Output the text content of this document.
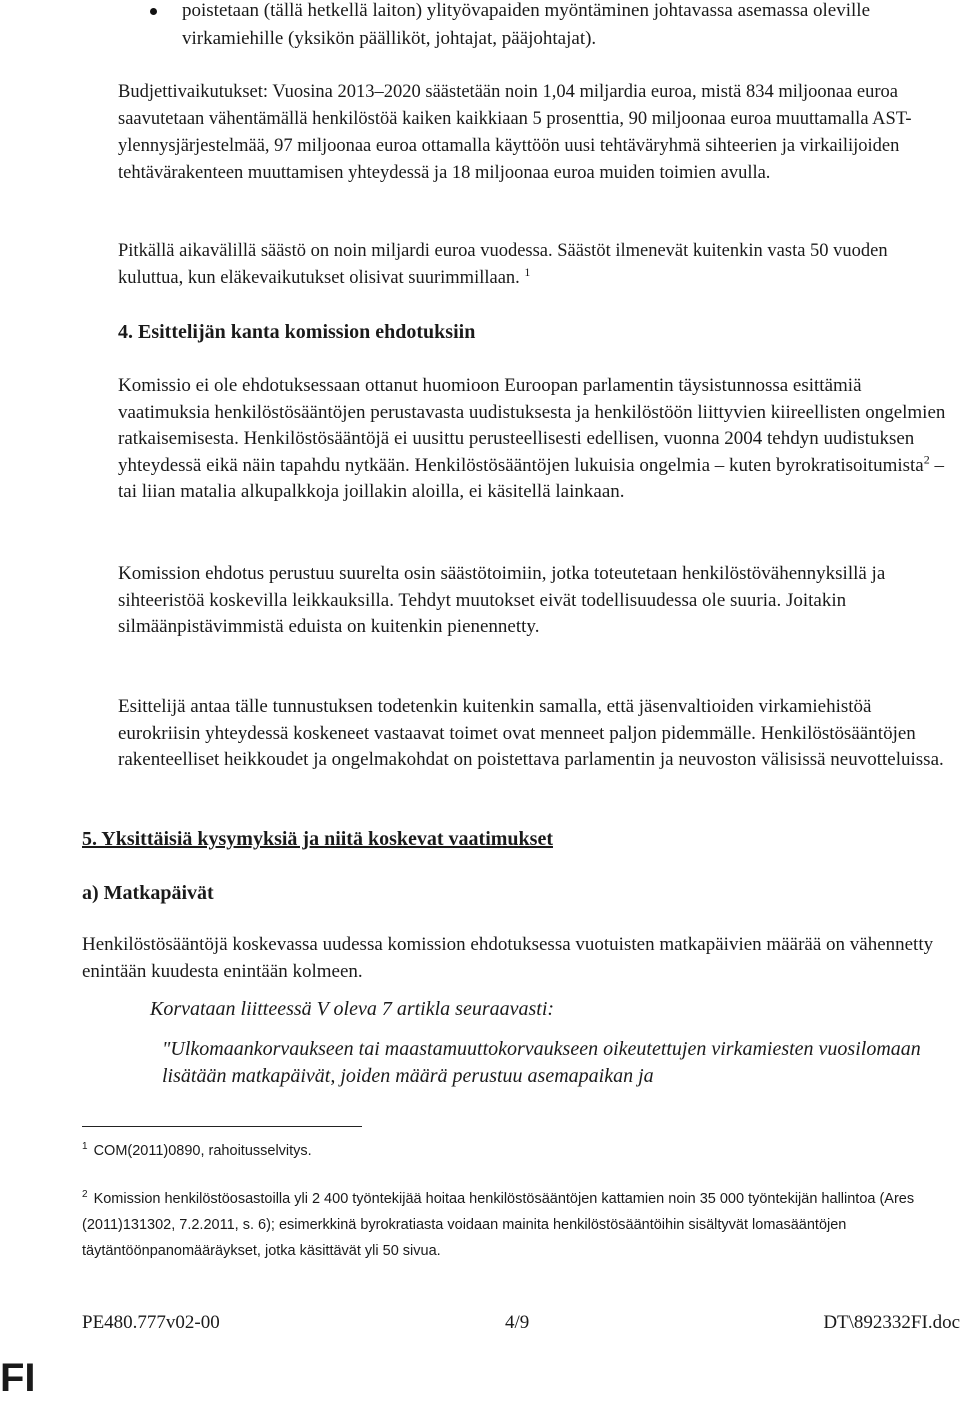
poistetaan (tällä hetkellä laiton) ylityövapaiden myöntäminen johtavassa asemassa oleville virkamiehille (yksikön päälliköt, johtajat, pääjohtajat).

Budjettivaikutukset: Vuosina 2013–2020 säästetään noin 1,04 miljardia euroa, mistä 834 miljoonaa euroa saavutetaan vähentämällä henkilöstöä kaiken kaikkiaan 5 prosenttia, 90 miljoonaa euroa muuttamalla AST-ylennysjärjestelmää, 97 miljoonaa euroa ottamalla käyttöön uusi tehtäväryhmä sihteerien ja virkailijoiden tehtävärakenteen muuttamisen yhteydessä ja 18 miljoonaa euroa muiden toimien avulla.

Pitkällä aikavälillä säästö on noin miljardi euroa vuodessa. Säästöt ilmenevät kuitenkin vasta 50 vuoden kuluttua, kun eläkevaikutukset olisivat suurimmillaan. $^1$

4. Esittelijän kanta komission ehdotuksiin

Komissio ei ole ehdotuksessaan ottanut huomioon Euroopan parlamentin täysistunnossa esittämiä vaatimuksia henkilöstösääntöjen perustavasta uudistuksesta ja henkilöstöön liittyvien kiireellisten ongelmien ratkaisemisesta. Henkilöstösääntöjä ei uusittu perusteellisesti edellisen, vuonna 2004 tehdyn uudistuksen yhteydessä eikä näin tapahdu nytkään. Henkilöstösääntöjen lukuisia ongelmia – kuten byrokratisoitumista$^2$ – tai liian matalia alkupalkkoja joillakin aloilla, ei käsitellä lainkaan.

Komission ehdotus perustuu suurelta osin säästötoimiin, jotka toteutetaan henkilöstövähennyksillä ja sihteeristöä koskevilla leikkauksilla. Tehdyt muutokset eivät todellisuudessa ole suuria. Joitakin silmäänpistävimmistä eduista on kuitenkin pienennetty.

Esittelijä antaa tälle tunnustuksen todetenkin kuitenkin samalla, että jäsenvaltioiden virkamiehistöä eurokriisin yhteydessä koskeneet vastaavat toimet ovat menneet paljon pidemmälle. Henkilöstösääntöjen rakenteelliset heikkoudet ja ongelmakohdat on poistettava parlamentin ja neuvoston välisissä neuvotteluissa.

5. Yksittäisiä kysymyksiä ja niitä koskevat vaatimukset
a) Matkapäivät

Henkilöstösääntöjä koskevassa uudessa komission ehdotuksessa vuotuisten matkapäivien määrää on vähennetty enintään kuudesta enintään kolmeen.

Korvataan liitteessä V oleva 7 artikla seuraavasti:

"Ulkomaankorvaukseen tai maastamuuttokorvaukseen oikeutettujen virkamiesten vuosilomaan lisätään matkapäivät, joiden määrä perustuu asemapaikan ja

$^1$ COM(2011)0890, rahoitusselvitys.

$^2$ Komission henkilöstöosastoilla yli 2 400 työntekijää hoitaa henkilöstösääntöjen kattamien noin 35 000 työntekijän hallintoa (Ares (2011)131302, 7.2.2011, s. 6); esimerkkinä byrokratiasta voidaan mainita henkilöstösääntöihin sisältyvät lomasääntöjen täytäntöönpanomääräykset, jotka käsittävät yli 50 sivua.

PE480.777v02-00	4/9	DT\892332FI.doc
FI
